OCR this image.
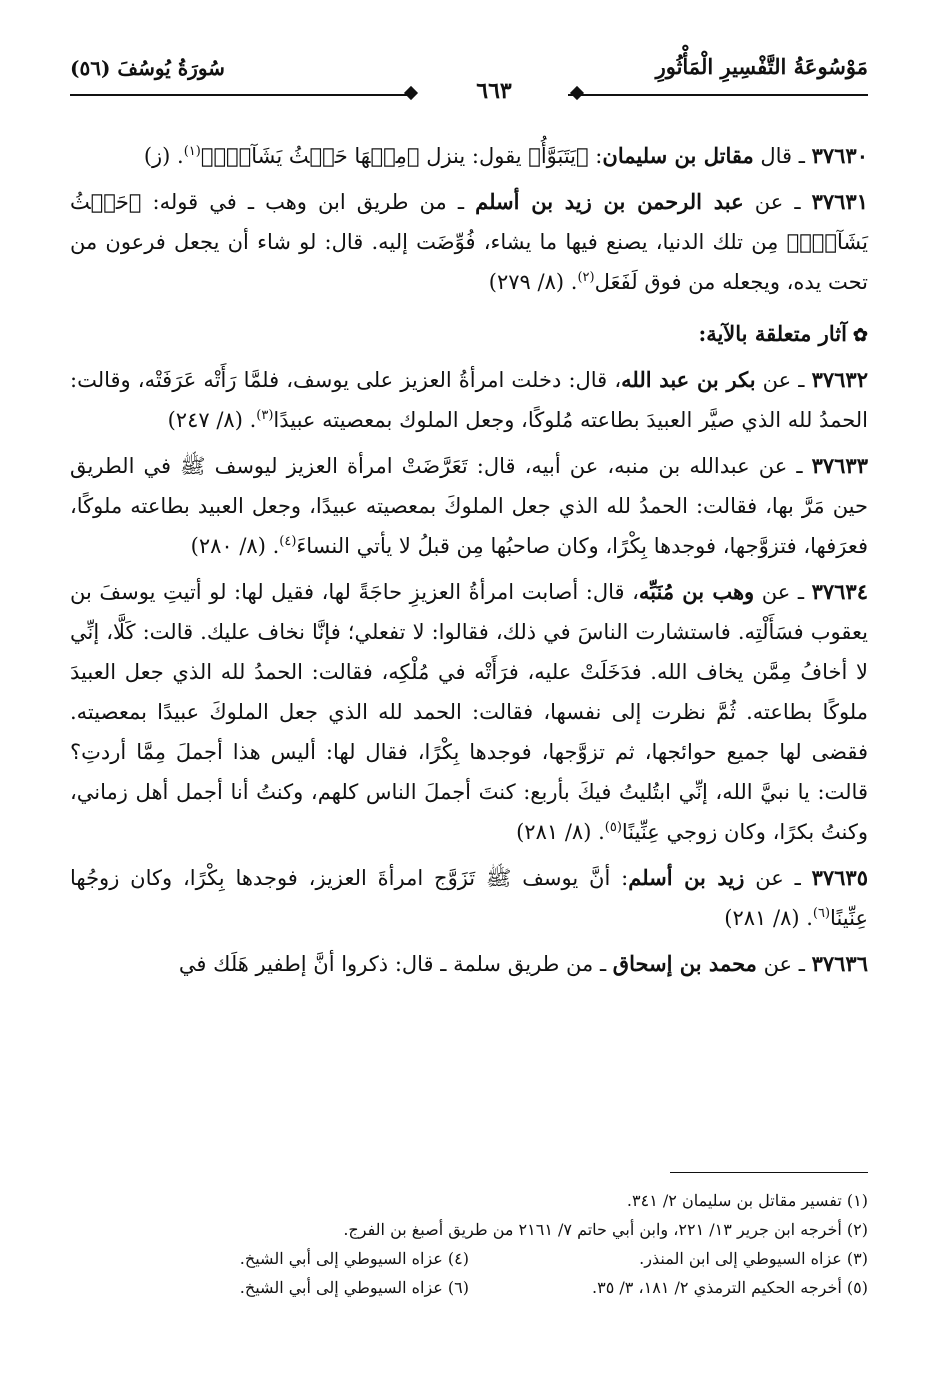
مَوْسُوعَةُ التَّفْسِيرِ الْمَأْثُورِ
سُورَةُ يُوسُفَ (٥٦)
٦٦٣

٣٧٦٣٠ ـ قال مقاتل بن سليمان: ﴿يَتَبَوَّأُ﴾ يقول: ينزل ﴿مِنۡهَا حَيۡثُ يَشَآءُۚ﴾$^{(١)}$. (ز)

٣٧٦٣١ ـ عن عبد الرحمن بن زيد بن أسلم ـ من طريق ابن وهب ـ في قوله: ﴿حَيۡثُ يَشَآءُۚ﴾ مِن تلك الدنيا، يصنع فيها ما يشاء، فُوِّضَت إليه. قال: لو شاء أن يجعل فرعون من تحت يده، ويجعله من فوق لَفَعَل$^{(٢)}$. (٨/ ٢٧٩)

✿آثار متعلقة بالآية:

٣٧٦٣٢ ـ عن بكر بن عبد الله، قال: دخلت امرأةُ العزيز على يوسف، فلمَّا رَأَتْه عَرَفَتْه، وقالت: الحمدُ لله الذي صيَّر العبيدَ بطاعته مُلوكًا، وجعل الملوك بمعصيته عبيدًا$^{(٣)}$. (٨/ ٢٤٧)

٣٧٦٣٣ ـ عن عبدالله بن منبه، عن أبيه، قال: تَعَرَّضَتْ امرأة العزيز ليوسف ﷺ في الطريق حين مَرَّ بها، فقالت: الحمدُ لله الذي جعل الملوكَ بمعصيته عبيدًا، وجعل العبيد بطاعته ملوكًا، فعرَفها، فتزوَّجها، فوجدها بِكْرًا، وكان صاحبُها مِن قبلُ لا يأتي النساءَ$^{(٤)}$. (٨/ ٢٨٠)

٣٧٦٣٤ ـ عن وهب بن مُنَبِّه، قال: أصابت امرأةُ العزيزِ حاجَةً لها، فقيل لها: لو أتيتِ يوسفَ بن يعقوب فسَأَلْتِه. فاستشارت الناسَ في ذلك، فقالوا: لا تفعلي؛ فإنَّا نخاف عليك. قالت: كَلَّا، إنِّي لا أخافُ مِمَّن يخاف الله. فدَخَلَتْ عليه، فرَأَتْه في مُلْكِه، فقالت: الحمدُ لله الذي جعل العبيدَ ملوكًا بطاعته. ثُمَّ نظرت إلى نفسها، فقالت: الحمد لله الذي جعل الملوكَ عبيدًا بمعصيته. فقضى لها جميع حوائجها، ثم تزوَّجها، فوجدها بِكْرًا، فقال لها: أليس هذا أجملَ مِمَّا أردتِ؟ قالت: يا نبيَّ الله، إنِّي ابتُليتُ فيكَ بأربع: كنتَ أجملَ الناس كلهم، وكنتُ أنا أجمل أهل زماني، وكنتُ بكرًا، وكان زوجي عِنِّينًا$^{(٥)}$. (٨/ ٢٨١)

٣٧٦٣٥ ـ عن زيد بن أسلم: أنَّ يوسف ﷺ تَزَوَّج امرأةَ العزيز، فوجدها بِكْرًا، وكان زوجُها عِنِّينًا$^{(٦)}$. (٨/ ٢٨١)

٣٧٦٣٦ ـ عن محمد بن إسحاق ـ من طريق سلمة ـ قال: ذكروا أنَّ إطفير هَلَك في

(١) تفسير مقاتل بن سليمان ٢/ ٣٤١.
(٢) أخرجه ابن جرير ١٣/ ٢٢١، وابن أبي حاتم ٧/ ٢١٦١ من طريق أصبغ بن الفرج.
(٣) عزاه السيوطي إلى ابن المنذر.
(٤) عزاه السيوطي إلى أبي الشيخ.
(٥) أخرجه الحكيم الترمذي ٢/ ١٨١، ٣/ ٣٥.
(٦) عزاه السيوطي إلى أبي الشيخ.
